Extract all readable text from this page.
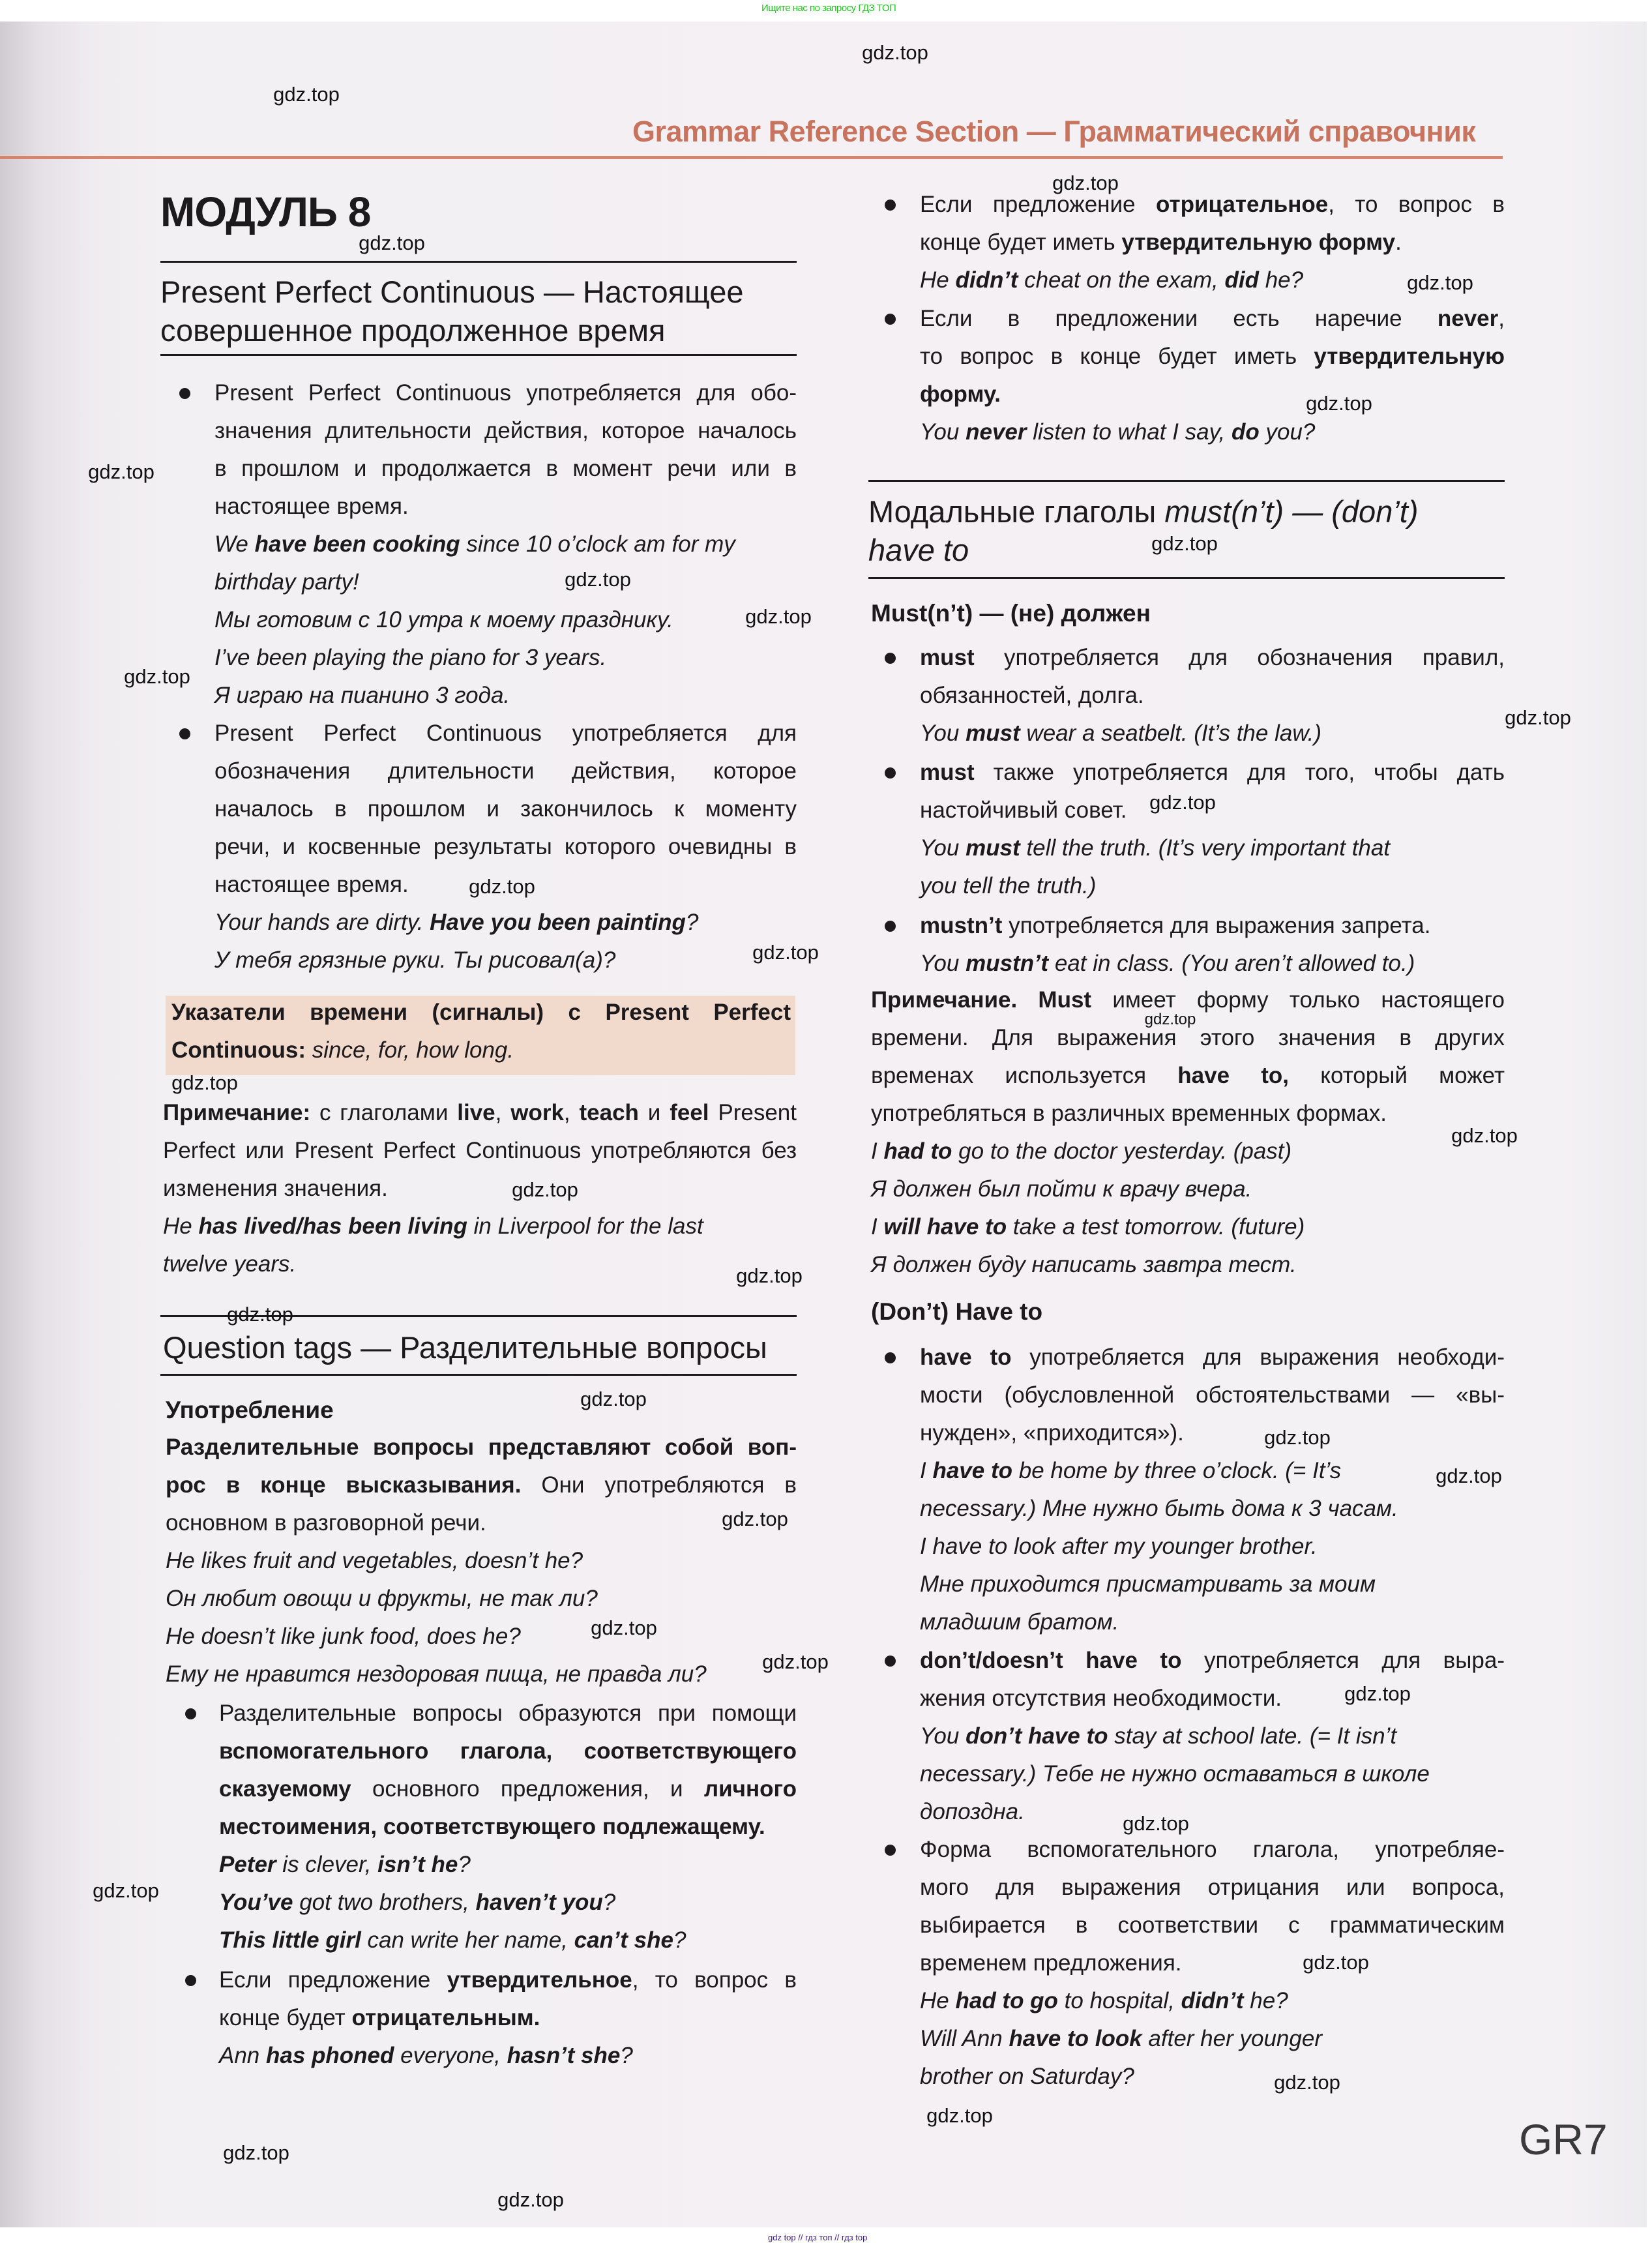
Ищите нас по запросу ГДЗ ТОП
Grammar Reference Section — Грамматический справочник
МОДУЛЬ 8
Present Perfect Continuous — Настоящее
совершенное продолженное время
Present Perfect Continuous употребляется для обо-
значения длительности действия, которое началось
в прошлом и продолжается в момент речи или в
настоящее время.
We have been cooking since 10 o’clock am for my
birthday party!
Мы готовим с 10 утра к моему празднику.
I’ve been playing the piano for 3 years.
Я играю на пианино 3 года.
Present Perfect Continuous употребляется для
обозначения длительности действия, которое
началось в прошлом и закончилось к моменту
речи, и косвенные результаты которого очевидны в
настоящее время.
Your hands are dirty. Have you been painting?
У тебя грязные руки. Ты рисовал(а)?
Указатели времени (сигналы) с Present Perfect
Continuous: since, for, how long.
Примечание: с глаголами live, work, teach и feel Present
Perfect или Present Perfect Continuous употребляются без
изменения значения.
He has lived/has been living in Liverpool for the last
twelve years.
Question tags — Разделительные вопросы
Употребление
Разделительные вопросы представляют собой воп-
рос в конце высказывания. Они употребляются в
основном в разговорной речи.
He likes fruit and vegetables, doesn’t he?
Он любит овощи и фрукты, не так ли?
He doesn’t like junk food, does he?
Ему не нравится нездоровая пища, не правда ли?
Разделительные вопросы образуются при помощи
вспомогательного глагола, соответствующего
сказуемому основного предложения, и личного
местоимения, соответствующего подлежащему.
Peter is clever, isn’t he?
You’ve got two brothers, haven’t you?
This little girl can write her name, can’t she?
Если предложение утвердительное, то вопрос в
конце будет отрицательным.
Ann has phoned everyone, hasn’t she?
Если предложение отрицательное, то вопрос в
конце будет иметь утвердительную форму.
He didn’t cheat on the exam, did he?
Если в предложении есть наречие never,
то вопрос в конце будет иметь утвердительную
форму.
You never listen to what I say, do you?
Модальные глаголы must(n’t) — (don’t)
have to
Must(n’t) — (не) должен
must употребляется для обозначения правил,
обязанностей, долга.
You must wear a seatbelt. (It’s the law.)
must также употребляется для того, чтобы дать
настойчивый совет.
You must tell the truth. (It’s very important that
you tell the truth.)
mustn’t употребляется для выражения запрета.
You mustn’t eat in class. (You aren’t allowed to.)
Примечание. Must имеет форму только настоящего
времени. Для выражения этого значения в других
временах используется have to, который может
употребляться в различных временных формах.
I had to go to the doctor yesterday. (past)
Я должен был пойти к врачу вчера.
I will have to take a test tomorrow. (future)
Я должен буду написать завтра тест.
(Don’t) Have to
have to употребляется для выражения необходи-
мости (обусловленной обстоятельствами — «вы-
нужден», «приходится»).
I have to be home by three o’clock. (= It’s
necessary.) Мне нужно быть дома к 3 часам.
I have to look after my younger brother.
Мне приходится присматривать за моим
младшим братом.
don’t/doesn’t have to употребляется для выра-
жения отсутствия необходимости.
You don’t have to stay at school late. (= It isn’t
necessary.) Тебе не нужно оставаться в школе
допоздна.
Форма вспомогательного глагола, употребляе-
мого для выражения отрицания или вопроса,
выбирается в соответствии с грамматическим
временем предложения.
He had to go to hospital, didn’t he?
Will Ann have to look after her younger
brother on Saturday?
GR7
gdz top // гдз топ // гдз top
gdz.top
gdz.top
gdz.top
gdz.top
gdz.top
gdz.top
gdz.top
gdz.top
gdz.top
gdz.top
gdz.top
gdz.top
gdz.top
gdz.top
gdz.top
gdz.top
gdz.top
gdz.top
gdz.top
gdz.top
gdz.top
gdz.top
gdz.top
gdz.top
gdz.top
gdz.top
gdz.top
gdz.top
gdz.top
gdz.top
gdz.top
gdz.top
gdz.top
gdz.top
gdz.top
